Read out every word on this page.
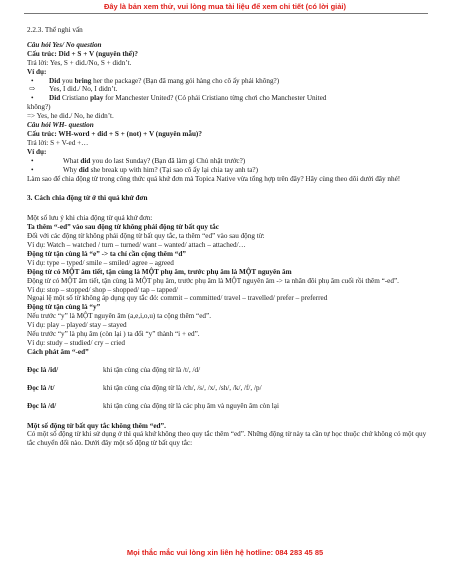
Đây là bản xem thử, vui lòng mua tài liệu để xem chi tiết (có lời giải)
2.2.3. Thể nghi vấn
Câu hỏi Yes/ No question
Cấu trúc: Did + S + V (nguyên thể)?
Trả lời: Yes, S + did./No, S + didn’t.
Ví dụ:
•	Did you bring her the package? (Bạn đã mang gói hàng cho cô ấy phải không?)
⇨	Yes, I did./ No, I didn’t.
•	Did Cristiano play for Manchester United? (Có phải Cristiano từng chơi cho Manchester United
không?)
=> Yes, he did./ No, he didn’t.
Câu hỏi WH- question
Cấu trúc: WH-word + did + S + (not) + V (nguyên mẫu)?
Trả lời: S + V-ed +…
Ví dụ:
•	What did you do last Sunday? (Bạn đã làm gì Chủ nhật trước?)
•	Why did she break up with him? (Tại sao cô ấy lại chia tay anh ta?)
Làm sao để chia động từ trong công thức quá khứ đơn mà Topica Native vừa tổng hợp trên đây? Hãy cùng theo dõi dưới đây nhé!
3. Cách chia động từ ở thì quá khứ đơn
Một số lưu ý khi chia động từ quá khứ đơn:
Ta thêm “-ed” vào sau động từ không phải động từ bất quy tắc
Đối với các động từ không phải động từ bất quy tắc, ta thêm “ed” vào sau động từ:
Ví dụ: Watch – watched / turn – turned/ want – wanted/ attach – attached/…
Động từ tận cùng là “e” -> ta chỉ cần cộng thêm “d”
Ví dụ: type – typed/ smile – smiled/ agree – agreed
Động từ có MỘT âm tiết, tận cùng là MỘT phụ âm, trước phụ âm là MỘT nguyên âm
Động từ có MỘT âm tiết, tận cùng là MỘT phụ âm, trước phụ âm là MỘT nguyên âm -> ta nhân đôi phụ âm cuối rồi thêm “-ed”.
Ví dụ: stop – stopped/ shop – shopped/ tap – tapped/
Ngoại lệ một số từ không áp dụng quy tắc đó: commit – committed/ travel – travelled/ prefer – preferred
Động từ tận cùng là “y”
Nếu trước “y” là MỘT nguyên âm (a,e,i,o,u) ta cộng thêm “ed”.
Ví dụ: play – played/ stay – stayed
Nếu trước “y” là phụ âm (còn lại ) ta đổi “y” thành “i + ed”.
Ví dụ: study – studied/ cry – cried
Cách phát âm “-ed”
Đọc là /id/	khi tận cùng của động từ là /t/, /d/
Đọc là /t/	khi tận cùng của động từ là /ch/, /s/, /x/, /sh/, /k/, /f/, /p/
Đọc là /d/	khi tận cùng của động từ là các phụ âm và nguyên âm còn lại
Một số động từ bất quy tắc không thêm “ed”.
Có một số động từ khi sử dụng ở thì quá khứ không theo quy tắc thêm “ed”. Những động từ này ta cần tự học thuộc chứ không có một quy tắc chuyển đổi nào. Dưới đây một số động từ bất quy tắc:
Mọi thắc mắc vui lòng xin liên hệ hotline: 084 283 45 85
